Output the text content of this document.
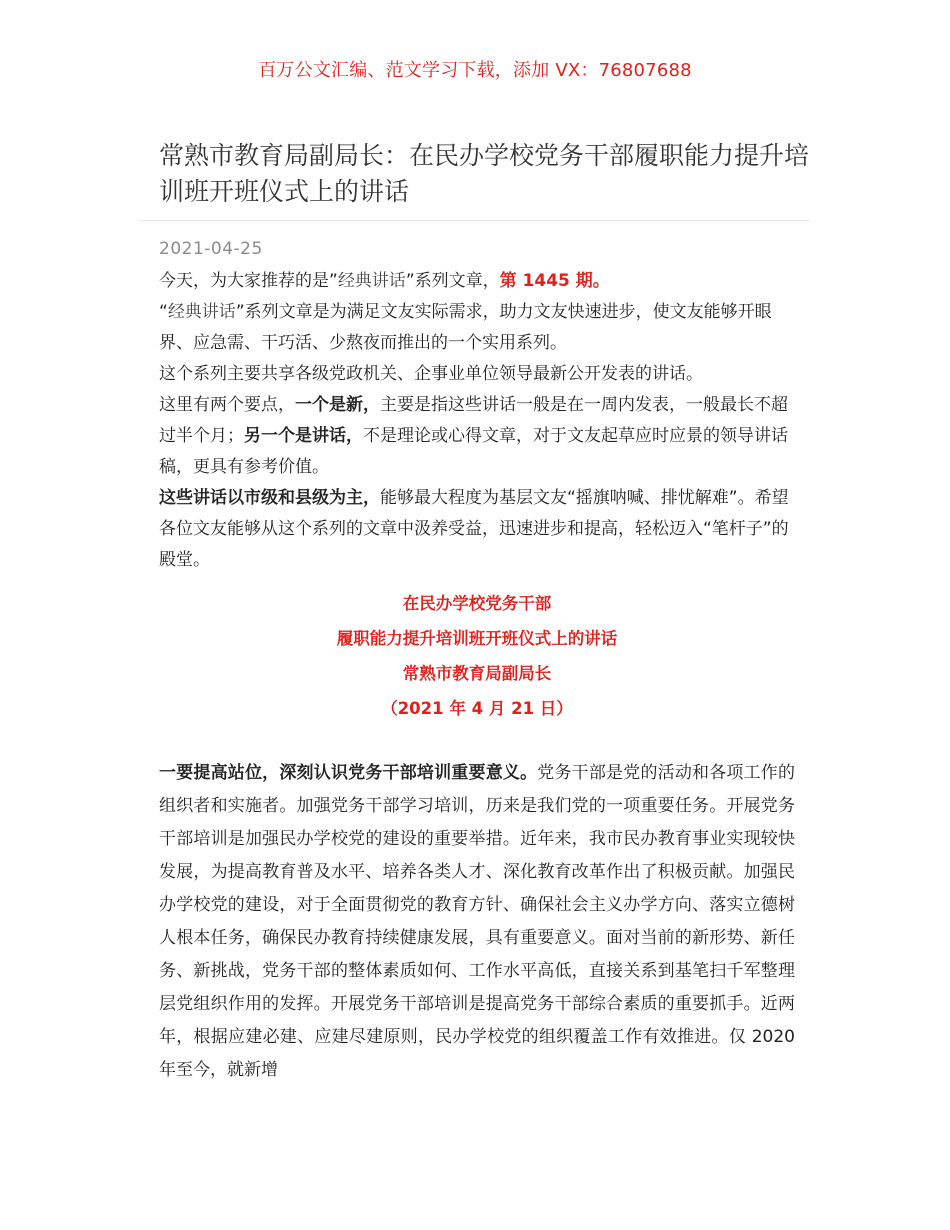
百万公文汇编、范文学习下载，添加 VX：76807688
常熟市教育局副局长：在民办学校党务干部履职能力提升培训班开班仪式上的讲话
2021-04-25

今天，为大家推荐的是”经典讲话”系列文章，第 1445 期。

“经典讲话”系列文章是为满足文友实际需求，助力文友快速进步，使文友能够开眼界、应急需、干巧活、少熬夜而推出的一个实用系列。

这个系列主要共享各级党政机关、企事业单位领导最新公开发表的讲话。

这里有两个要点，一个是新，主要是指这些讲话一般是在一周内发表，一般最长不超过半个月；另一个是讲话，不是理论或心得文章，对于文友起草应时应景的领导讲话稿，更具有参考价值。

这些讲话以市级和县级为主，能够最大程度为基层文友“摇旗呐喊、排忧解难”。希望各位文友能够从这个系列的文章中汲养受益，迅速进步和提高，轻松迈入“笔杆子”的殿堂。

在民办学校党务干部
履职能力提升培训班开班仪式上的讲话
常熟市教育局副局长
（2021 年 4 月 21 日）

一要提高站位，深刻认识党务干部培训重要意义。党务干部是党的活动和各项工作的组织者和实施者。加强党务干部学习培训，历来是我们党的一项重要任务。开展党务干部培训是加强民办学校党的建设的重要举措。近年来，我市民办教育事业实现较快发展，为提高教育普及水平、培养各类人才、深化教育改革作出了积极贡献。加强民办学校党的建设，对于全面贯彻党的教育方针、确保社会主义办学方向、落实立德树人根本任务，确保民办教育持续健康发展，具有重要意义。面对当前的新形势、新任务、新挑战，党务干部的整体素质如何、工作水平高低，直接关系到基笔扫千军整理层党组织作用的发挥。开展党务干部培训是提高党务干部综合素质的重要抓手。近两年，根据应建必建、应建尽建原则，民办学校党的组织覆盖工作有效推进。仅 2020 年至今，就新增
